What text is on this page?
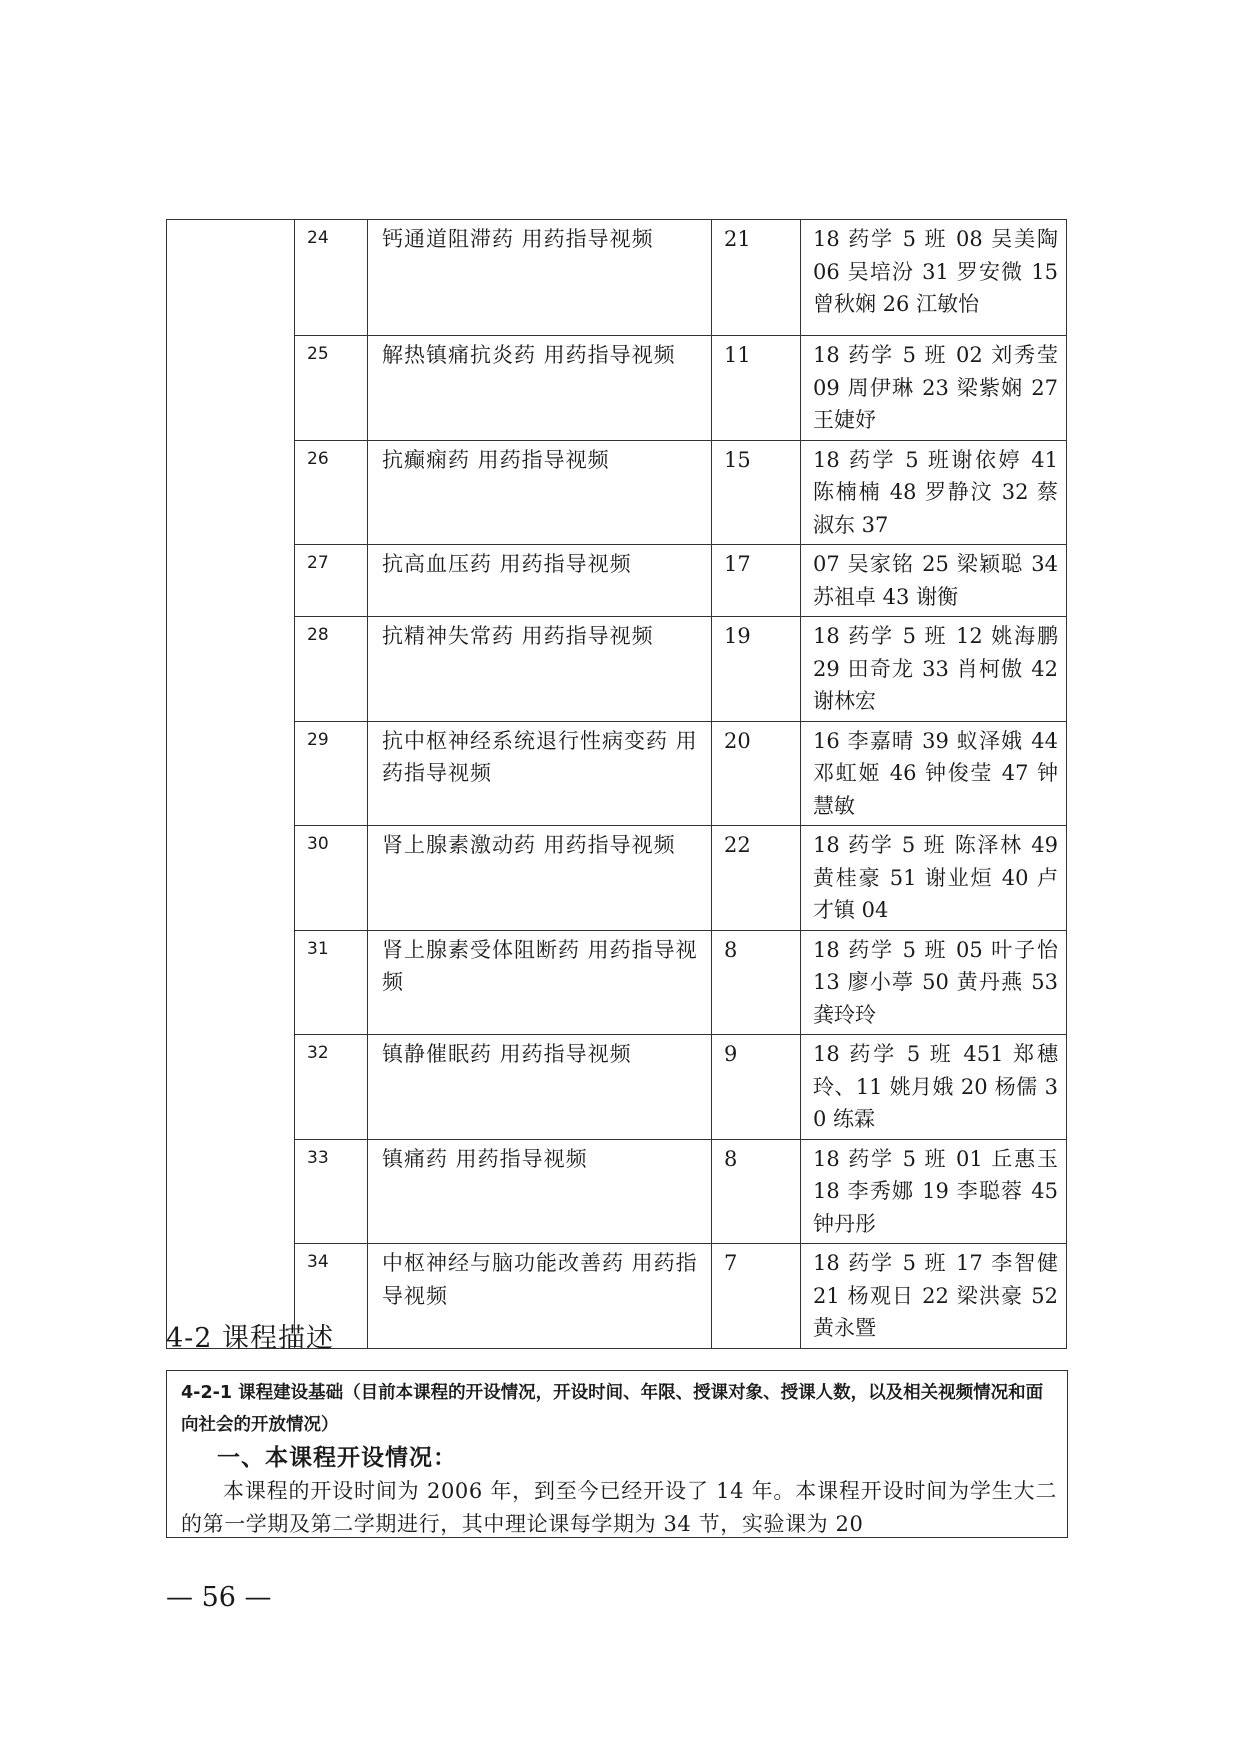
	24	钙通道阻滞药 用药指导视频	21	18 药学 5 班 08 吴美陶 06 吴培汾 31 罗安微 15 曾秋娴 26 江敏怡

	25	解热镇痛抗炎药 用药指导视频	11	18 药学 5 班 02 刘秀莹 09 周伊琳 23 梁紫娴 27 王婕妤

	26	抗癫痫药 用药指导视频	15	18 药学 5 班谢依婷 41 陈楠楠 48 罗静汶 32 蔡淑东 37

	27	抗高血压药 用药指导视频	17	07 吴家铭 25 梁颖聪 34 苏祖卓 43 谢衡

	28	抗精神失常药 用药指导视频	19	18 药学 5 班 12 姚海鹏 29 田奇龙 33 肖柯傲 42 谢林宏

	29	抗中枢神经系统退行性病变药 用药指导视频	20	16 李嘉晴 39 蚁泽娥 44 邓虹姬 46 钟俊莹 47 钟慧敏

	30	肾上腺素激动药 用药指导视频	22	18 药学 5 班 陈泽林 49 黄桂豪 51 谢业烜 40 卢才镇 04

	31	肾上腺素受体阻断药 用药指导视频	8	18 药学 5 班 05 叶子怡 13 廖小葶 50 黄丹燕 53 龚玲玲

	32	镇静催眠药 用药指导视频	9	18 药学 5 班 451 郑穗玲、11 姚月娥 20 杨儒 30 练霖

	33	镇痛药 用药指导视频	8	18 药学 5 班 01 丘惠玉 18 李秀娜 19 李聪蓉 45 钟丹彤

	34	中枢神经与脑功能改善药 用药指导视频	7	18 药学 5 班 17 李智健 21 杨观日 22 梁洪豪 52 黄永暨
4-2 课程描述

4-2-1 课程建设基础（目前本课程的开设情况，开设时间、年限、授课对象、授课人数，以及相关视频情况和面向社会的开放情况）

一、本课程开设情况：

本课程的开设时间为 2006 年，到至今已经开设了 14 年。本课程开设时间为学生大二的第一学期及第二学期进行，其中理论课每学期为 34 节，实验课为 20

— 56 —
